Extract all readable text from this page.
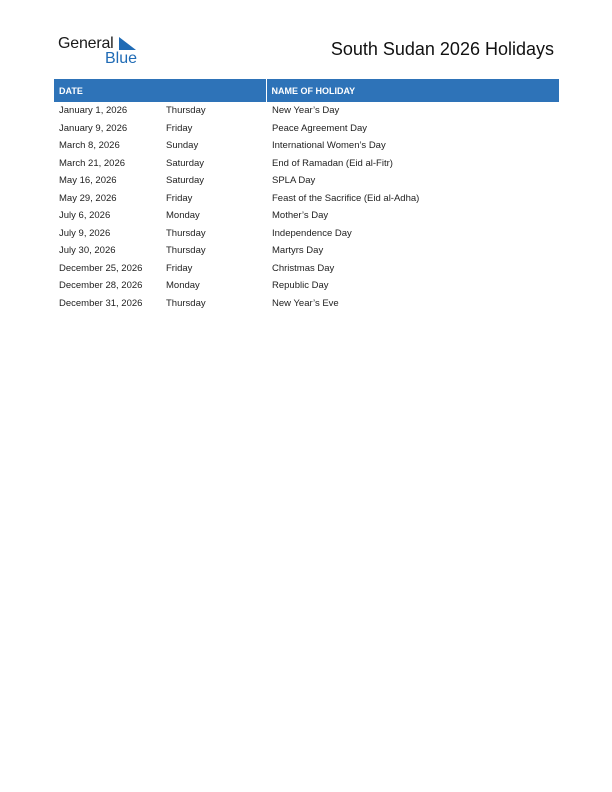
General
Blue	South Sudan 2026 Holidays
DATE		NAME OF HOLIDAY
January 1, 2026	Thursday	New Year’s Day
January 9, 2026	Friday	Peace Agreement Day
March 8, 2026	Sunday	International Women’s Day
March 21, 2026	Saturday	End of Ramadan (Eid al-Fitr)
May 16, 2026	Saturday	SPLA Day
May 29, 2026	Friday	Feast of the Sacrifice (Eid al-Adha)
July 6, 2026	Monday	Mother’s Day
July 9, 2026	Thursday	Independence Day
July 30, 2026	Thursday	Martyrs Day
December 25, 2026	Friday	Christmas Day
December 28, 2026	Monday	Republic Day
December 31, 2026	Thursday	New Year’s Eve
